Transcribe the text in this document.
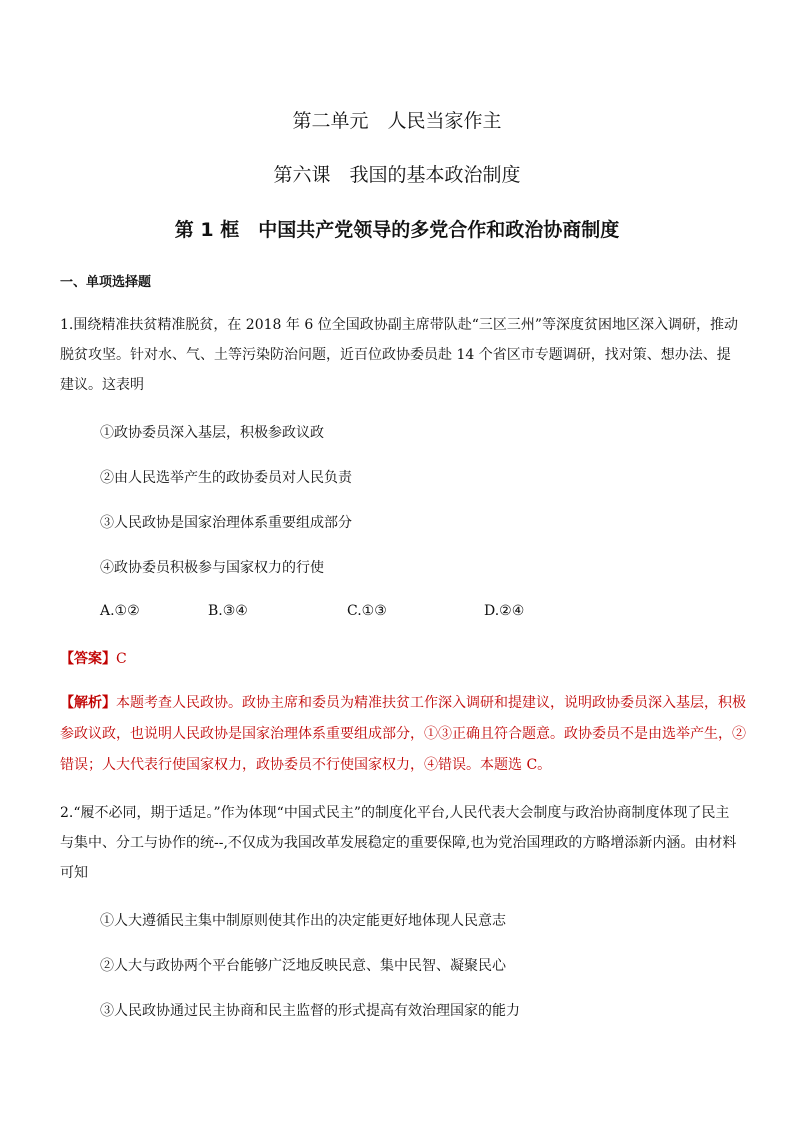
第二单元　人民当家作主
第六课　我国的基本政治制度
第 1 框　中国共产党领导的多党合作和政治协商制度
一、单项选择题
1.围绕精准扶贫精准脱贫，在 2018 年 6 位全国政协副主席带队赴“三区三州”等深度贫困地区深入调研，推动脱贫攻坚。针对水、气、土等污染防治问题，近百位政协委员赴 14 个省区市专题调研，找对策、想办法、提建议。这表明
①政协委员深入基层，积极参政议政
②由人民选举产生的政协委员对人民负责
③人民政协是国家治理体系重要组成部分
④政协委员积极参与国家权力的行使
A.①②	B.③④	C.①③	D.②④
【答案】C
【解析】本题考查人民政协。政协主席和委员为精准扶贫工作深入调研和提建议，说明政协委员深入基层，积极参政议政，也说明人民政协是国家治理体系重要组成部分，①③正确且符合题意。政协委员不是由选举产生，②错误；人大代表行使国家权力，政协委员不行使国家权力，④错误。本题选 C。
2.“履不必同，期于适足。”作为体现“中国式民主”的制度化平台,人民代表大会制度与政治协商制度体现了民主与集中、分工与协作的统--,不仅成为我国改革发展稳定的重要保障,也为党治国理政的方略增添新内涵。由材料可知
①人大遵循民主集中制原则使其作出的决定能更好地体现人民意志
②人大与政协两个平台能够广泛地反映民意、集中民智、凝聚民心
③人民政协通过民主协商和民主监督的形式提高有效治理国家的能力
